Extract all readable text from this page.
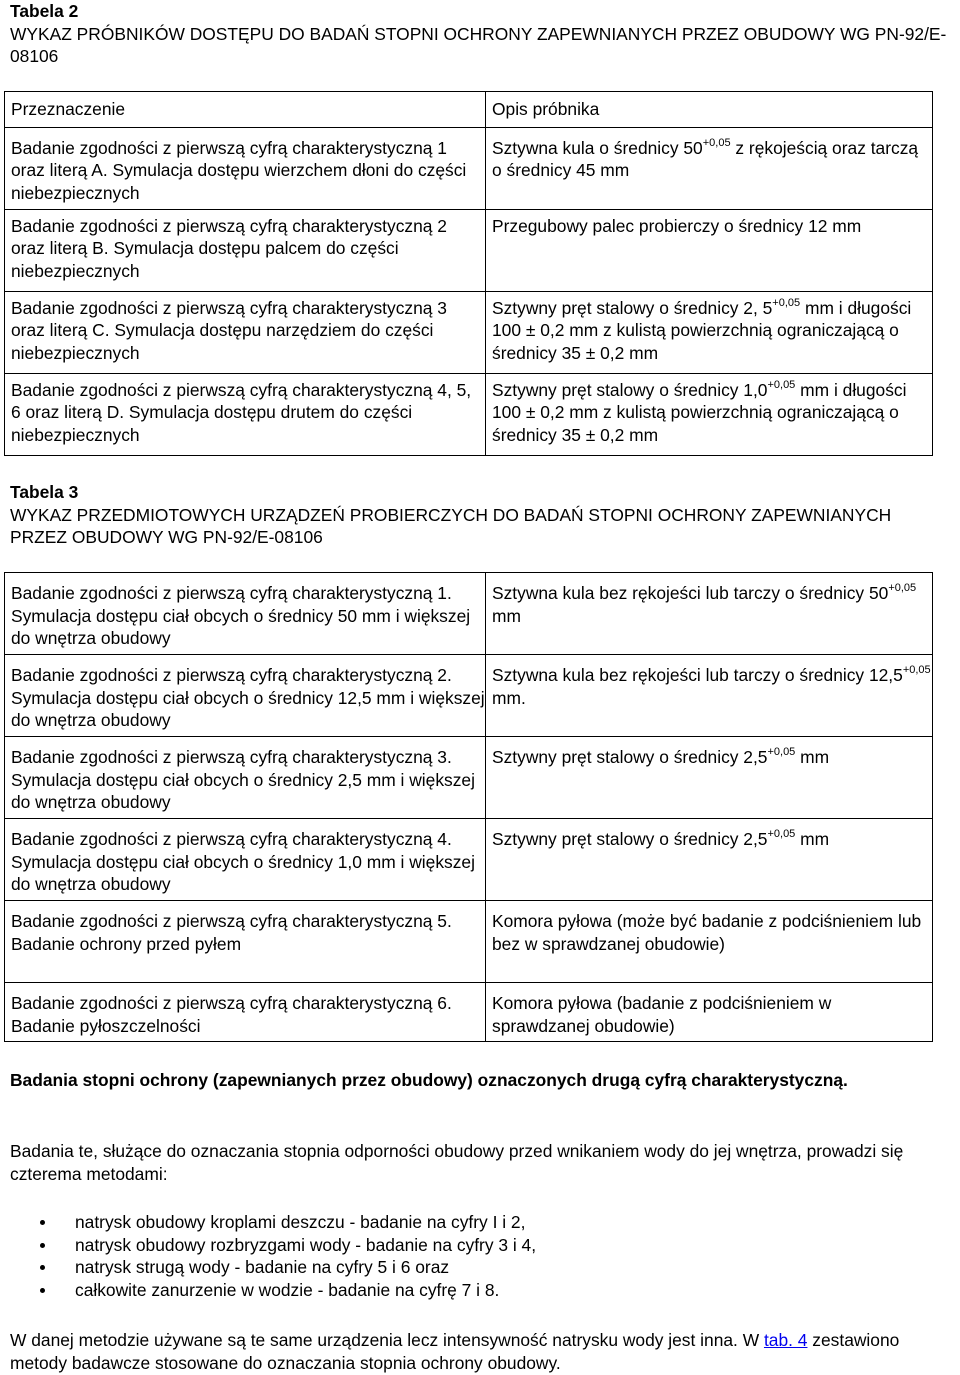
Tabela 2
WYKAZ PRÓBNIKÓW DOSTĘPU DO BADAŃ STOPNI OCHRONY ZAPEWNIANYCH PRZEZ OBUDOWY WG PN-92/E-08106
Przeznaczenie	Opis próbnika

Badanie zgodności z pierwszą cyfrą charakterystyczną 1 oraz literą A. Symulacja dostępu wierzchem dłoni do części niebezpiecznych	Sztywna kula o średnicy $50^{+0,05}$ z rękojeścią oraz tarczą o średnicy 45 mm

Badanie zgodności z pierwszą cyfrą charakterystyczną 2 oraz literą B. Symulacja dostępu palcem do części niebezpiecznych	Przegubowy palec probierczy o średnicy 12 mm

Badanie zgodności z pierwszą cyfrą charakterystyczną 3 oraz literą C. Symulacja dostępu narzędziem do części niebezpiecznych	Sztywny pręt stalowy o średnicy 2, $5^{+0,05}$ mm i długości 100 ± 0,2 mm z kulistą powierzchnią ograniczającą o średnicy 35 ± 0,2 mm

Badanie zgodności z pierwszą cyfrą charakterystyczną 4, 5, 6 oraz literą D. Symulacja dostępu drutem do części niebezpiecznych	Sztywny pręt stalowy o średnicy $1,0^{+0,05}$ mm i długości 100 ± 0,2 mm z kulistą powierzchnią ograniczającą o średnicy 35 ± 0,2 mm
Tabela 3
WYKAZ PRZEDMIOTOWYCH URZĄDZEŃ PROBIERCZYCH DO BADAŃ STOPNI OCHRONY ZAPEWNIANYCH PRZEZ OBUDOWY WG PN-92/E-08106
Badanie zgodności z pierwszą cyfrą charakterystyczną 1. Symulacja dostępu ciał obcych o średnicy 50 mm i większej do wnętrza obudowy	Sztywna kula bez rękojeści lub tarczy o średnicy $50^{+0,05}$ mm

Badanie zgodności z pierwszą cyfrą charakterystyczną 2. Symulacja dostępu ciał obcych o średnicy 12,5 mm i większej do wnętrza obudowy	Sztywna kula bez rękojeści lub tarczy o średnicy $12,5^{+0,05}$ mm.

Badanie zgodności z pierwszą cyfrą charakterystyczną 3. Symulacja dostępu ciał obcych o średnicy 2,5 mm i większej do wnętrza obudowy	Sztywny pręt stalowy o średnicy $2,5^{+0,05}$ mm

Badanie zgodności z pierwszą cyfrą charakterystyczną 4. Symulacja dostępu ciał obcych o średnicy 1,0 mm i większej do wnętrza obudowy	Sztywny pręt stalowy o średnicy $2,5^{+0,05}$ mm

Badanie zgodności z pierwszą cyfrą charakterystyczną 5. Badanie ochrony przed pyłem	Komora pyłowa (może być badanie z podciśnieniem lub bez w sprawdzanej obudowie)

Badanie zgodności z pierwszą cyfrą charakterystyczną 6. Badanie pyłoszczelności	Komora pyłowa (badanie z podciśnieniem w sprawdzanej obudowie)
Badania stopni ochrony (zapewnianych przez obudowy) oznaczonych drugą cyfrą charakterystyczną.
Badania te, służące do oznaczania stopnia odporności obudowy przed wnikaniem wody do jej wnętrza, prowadzi się czterema metodami:
natrysk obudowy kroplami deszczu - badanie na cyfry I i 2,
natrysk obudowy rozbryzgami wody - badanie na cyfry 3 i 4,
natrysk strugą wody - badanie na cyfry 5 i 6 oraz
całkowite zanurzenie w wodzie - badanie na cyfrę 7 i 8.
W danej metodzie używane są te same urządzenia lecz intensywność natrysku wody jest inna. W tab. 4 zestawiono metody badawcze stosowane do oznaczania stopnia ochrony obudowy.
